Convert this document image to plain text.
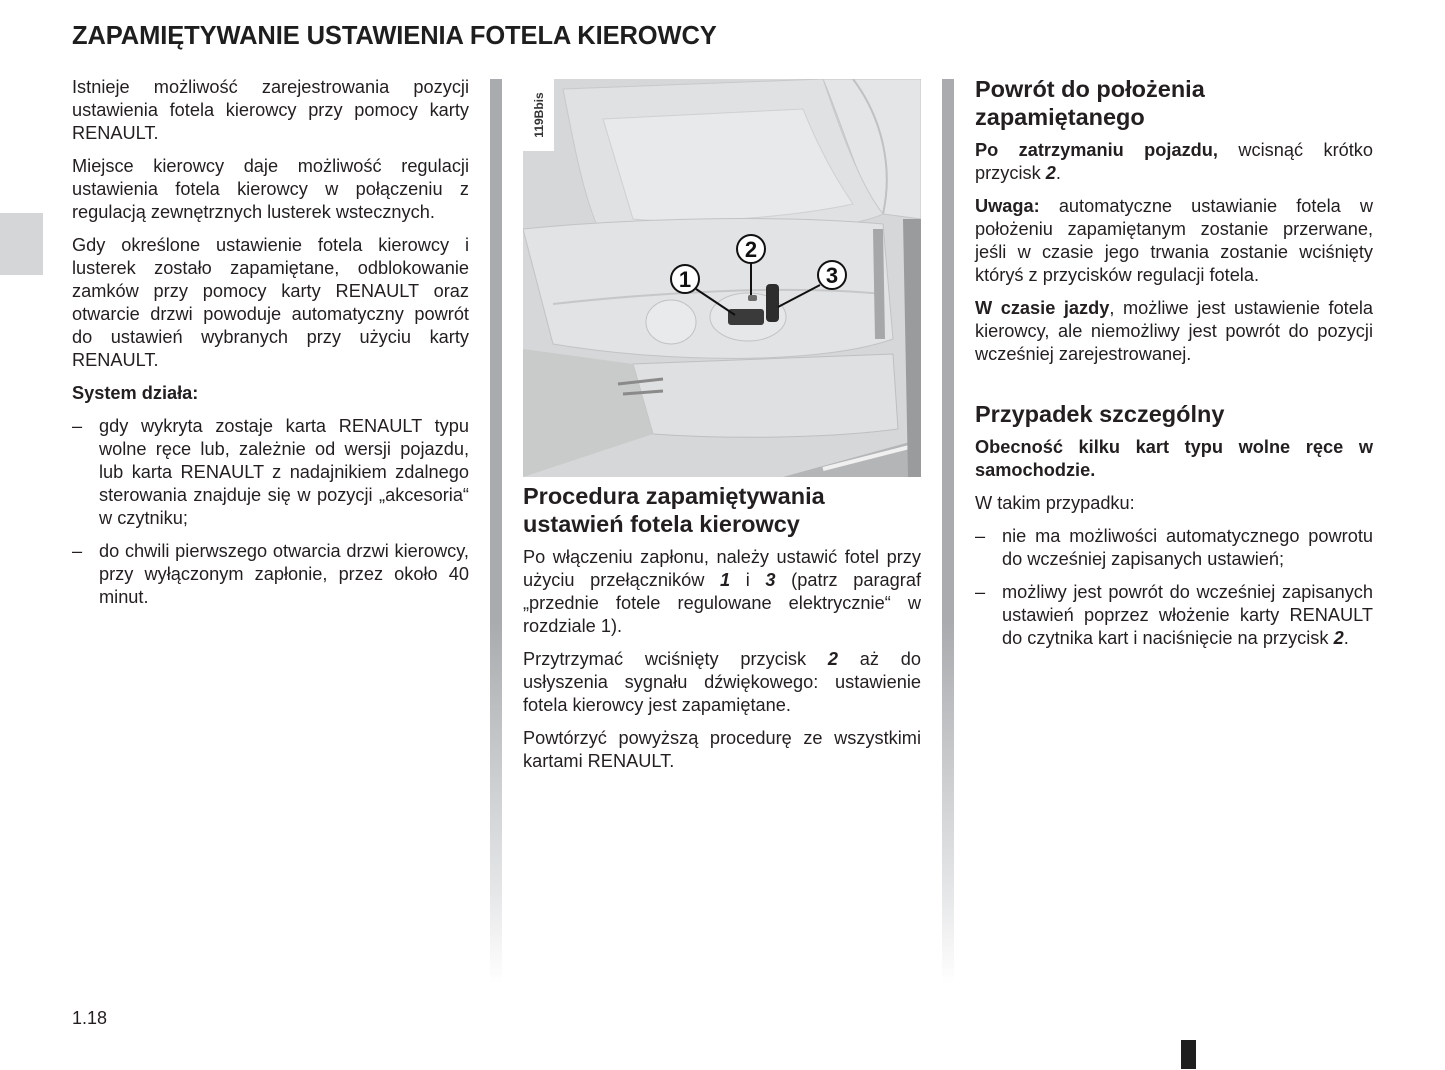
ZAPAMIĘTYWANIE USTAWIENIA FOTELA KIEROWCY

Istnieje możliwość zarejestrowania pozycji ustawienia fotela kierowcy przy pomocy karty RENAULT.

Miejsce kierowcy daje możliwość regulacji ustawienia fotela kierowcy w połączeniu z regulacją zewnętrznych lusterek wstecznych.

Gdy określone ustawienie fotela kierowcy i lusterek zostało zapamiętane, odblokowanie zamków przy pomocy karty RENAULT oraz otwarcie drzwi powoduje automatyczny powrót do ustawień wybranych przy użyciu karty RENAULT.

System działa:

– gdy wykryta zostaje karta RENAULT typu wolne ręce lub, zależnie od wersji pojazdu, lub karta RENAULT z nadajnikiem zdalnego sterowania znajduje się w pozycji „akcesoria“ w czytniku;
– do chwili pierwszego otwarcia drzwi kierowcy, przy wyłączonym zapłonie, przez około 40 minut.
1
2
3
119Bbis
Procedura zapamiętywania ustawień fotela kierowcy

Po włączeniu zapłonu, należy ustawić fotel przy użyciu przełączników 1 i 3 (patrz paragraf „przednie fotele regulowane elektrycznie“ w rozdziale 1).

Przytrzymać wciśnięty przycisk 2 aż do usłyszenia sygnału dźwiękowego: ustawienie fotela kierowcy jest zapamiętane.

Powtórzyć powyższą procedurę ze wszystkimi kartami RENAULT.

Powrót do położenia zapamiętanego

Po zatrzymaniu pojazdu, wcisnąć krótko przycisk 2.

Uwaga: automatyczne ustawianie fotela w położeniu zapamiętanym zostanie przerwane, jeśli w czasie jego trwania zostanie wciśnięty któryś z przycisków regulacji fotela.

W czasie jazdy, możliwe jest ustawienie fotela kierowcy, ale niemożliwy jest powrót do pozycji wcześniej zarejestrowanej.

Przypadek szczególny

Obecność kilku kart typu wolne ręce w samochodzie.

W takim przypadku:

– nie ma możliwości automatycznego powrotu do wcześniej zapisanych ustawień;
– możliwy jest powrót do wcześniej zapisanych ustawień poprzez włożenie karty RENAULT do czytnika kart i naciśnięcie na przycisk 2.
1.18
